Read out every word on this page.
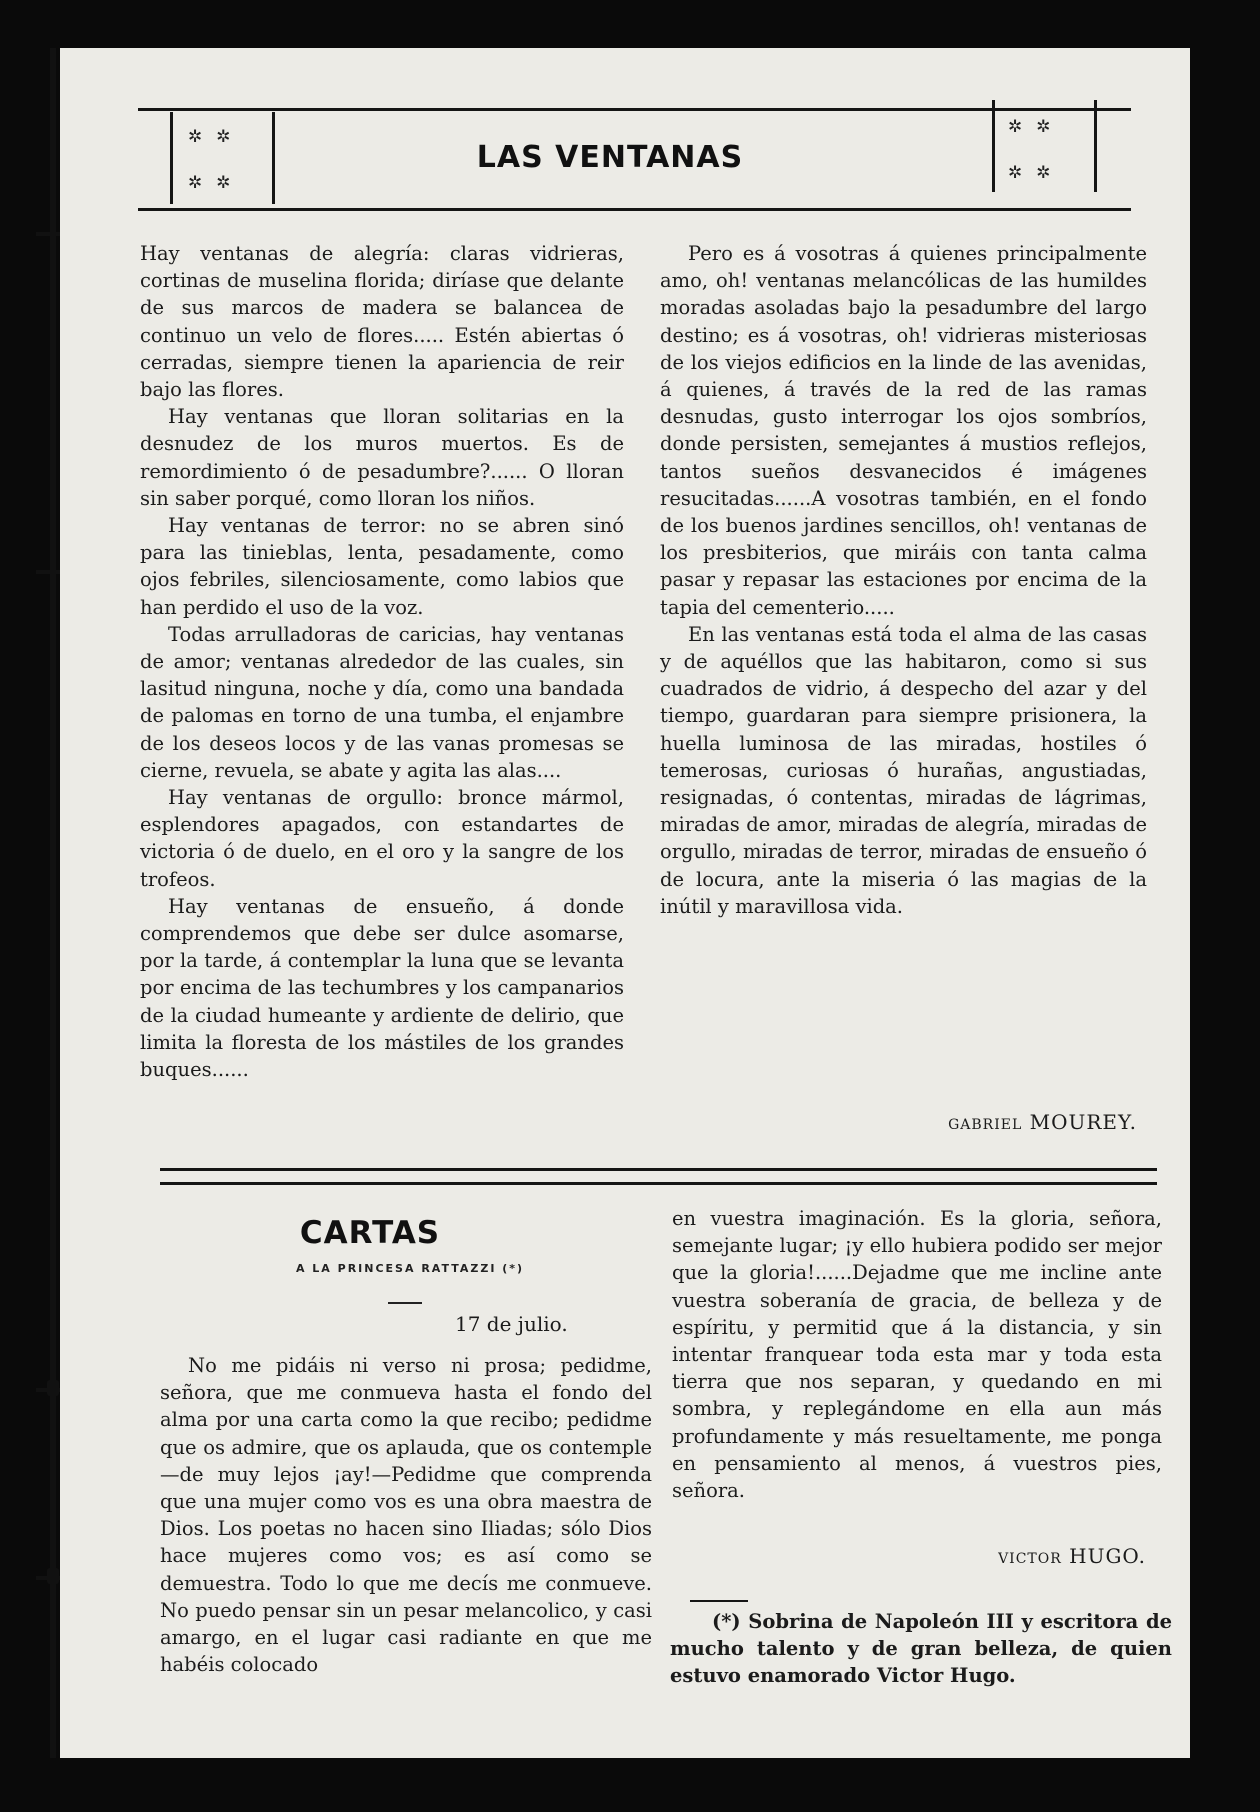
✲✲
✲✲
✲✲
✲✲
LAS VENTANAS

Hay ventanas de alegría: claras vidrieras, cortinas de muselina florida; diríase que delante de sus marcos de madera se balancea de continuo un velo de flores..... Estén abiertas ó cerradas, siempre tienen la apariencia de reir bajo las flores.

Hay ventanas que lloran solitarias en la desnudez de los muros muertos. Es de remordimiento ó de pesadumbre?...... O lloran sin saber porqué, como lloran los niños.

Hay ventanas de terror: no se abren sinó para las tinieblas, lenta, pesadamente, como ojos febriles, silenciosamente, como labios que han perdido el uso de la voz.

Todas arrulladoras de caricias, hay ventanas de amor; ventanas alrededor de las cuales, sin lasitud ninguna, noche y día, como una bandada de palomas en torno de una tumba, el enjambre de los deseos locos y de las vanas promesas se cierne, revuela, se abate y agita las alas....

Hay ventanas de orgullo: bronce mármol, esplendores apagados, con estandartes de victoria ó de duelo, en el oro y la sangre de los trofeos.

Hay ventanas de ensueño, á donde comprendemos que debe ser dulce asomarse, por la tarde, á contemplar la luna que se levanta por encima de las techumbres y los campanarios de la ciudad humeante y ardiente de delirio, que limita la floresta de los mástiles de los grandes buques......

Pero es á vosotras á quienes principalmente amo, oh! ventanas melancólicas de las humildes moradas asoladas bajo la pesadumbre del largo destino; es á vosotras, oh! vidrieras misteriosas de los viejos edificios en la linde de las avenidas, á quienes, á través de la red de las ramas desnudas, gusto interrogar los ojos sombríos, donde persisten, semejantes á mustios reflejos, tantos sueños desvanecidos é imágenes resucitadas......A vosotras también, en el fondo de los buenos jardines sencillos, oh! ventanas de los presbiterios, que miráis con tanta calma pasar y repasar las estaciones por encima de la tapia del cementerio.....

En las ventanas está toda el alma de las casas y de aquéllos que las habitaron, como si sus cuadrados de vidrio, á despecho del azar y del tiempo, guardaran para siempre prisionera, la huella luminosa de las miradas, hostiles ó temerosas, curiosas ó hurañas, angustiadas, resignadas, ó contentas, miradas de lágrimas, miradas de amor, miradas de alegría, miradas de orgullo, miradas de terror, miradas de ensueño ó de locura, ante la miseria ó las magias de la inútil y maravillosa vida.

GABRIEL MOUREY.
CARTAS
A LA PRINCESA RATTAZZI (*)
17 de julio.

No me pidáis ni verso ni prosa; pedidme, señora, que me conmueva hasta el fondo del alma por una carta como la que recibo; pedidme que os admire, que os aplauda, que os contemple—de muy lejos ¡ay!—Pedidme que comprenda que una mujer como vos es una obra maestra de Dios. Los poetas no hacen sino Iliadas; sólo Dios hace mujeres como vos; es así como se demuestra. Todo lo que me decís me conmueve. No puedo pensar sin un pesar melancolico, y casi amargo, en el lugar casi radiante en que me habéis colocado

en vuestra imaginación. Es la gloria, señora, semejante lugar; ¡y ello hubiera podido ser mejor que la gloria!......Dejadme que me incline ante vuestra soberanía de gracia, de belleza y de espíritu, y permitid que á la distancia, y sin intentar franquear toda esta mar y toda esta tierra que nos separan, y quedando en mi sombra, y replegándome en ella aun más profundamente y más resueltamente, me ponga en pensamiento al menos, á vuestros pies, señora.

VICTOR HUGO.

(*) Sobrina de Napoleón III y escritora de mucho talento y de gran belleza, de quien estuvo enamorado Victor Hugo.
